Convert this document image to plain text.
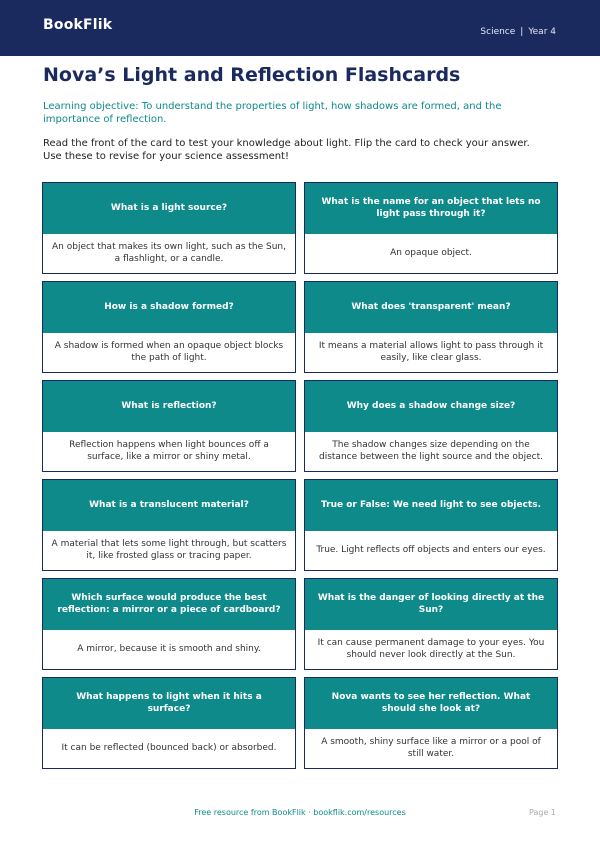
BookFlik	Science | Year 4
Nova’s Light and Reflection Flashcards
Learning objective: To understand the properties of light, how shadows are formed, and the importance of reflection.
Read the front of the card to test your knowledge about light. Flip the card to check your answer. Use these to revise for your science assessment!
What is a light source?
An object that makes its own light, such as the Sun, a flashlight, or a candle.
What is the name for an object that lets no light pass through it?
An opaque object.
How is a shadow formed?
A shadow is formed when an opaque object blocks the path of light.
What does 'transparent' mean?
It means a material allows light to pass through it easily, like clear glass.
What is reflection?
Reflection happens when light bounces off a surface, like a mirror or shiny metal.
Why does a shadow change size?
The shadow changes size depending on the distance between the light source and the object.
What is a translucent material?
A material that lets some light through, but scatters it, like frosted glass or tracing paper.
True or False: We need light to see objects.
True. Light reflects off objects and enters our eyes.
Which surface would produce the best reflection: a mirror or a piece of cardboard?
A mirror, because it is smooth and shiny.
What is the danger of looking directly at the Sun?
It can cause permanent damage to your eyes. You should never look directly at the Sun.
What happens to light when it hits a surface?
It can be reflected (bounced back) or absorbed.
Nova wants to see her reflection. What should she look at?
A smooth, shiny surface like a mirror or a pool of still water.
Free resource from BookFlik · bookflik.com/resources	Page 1
